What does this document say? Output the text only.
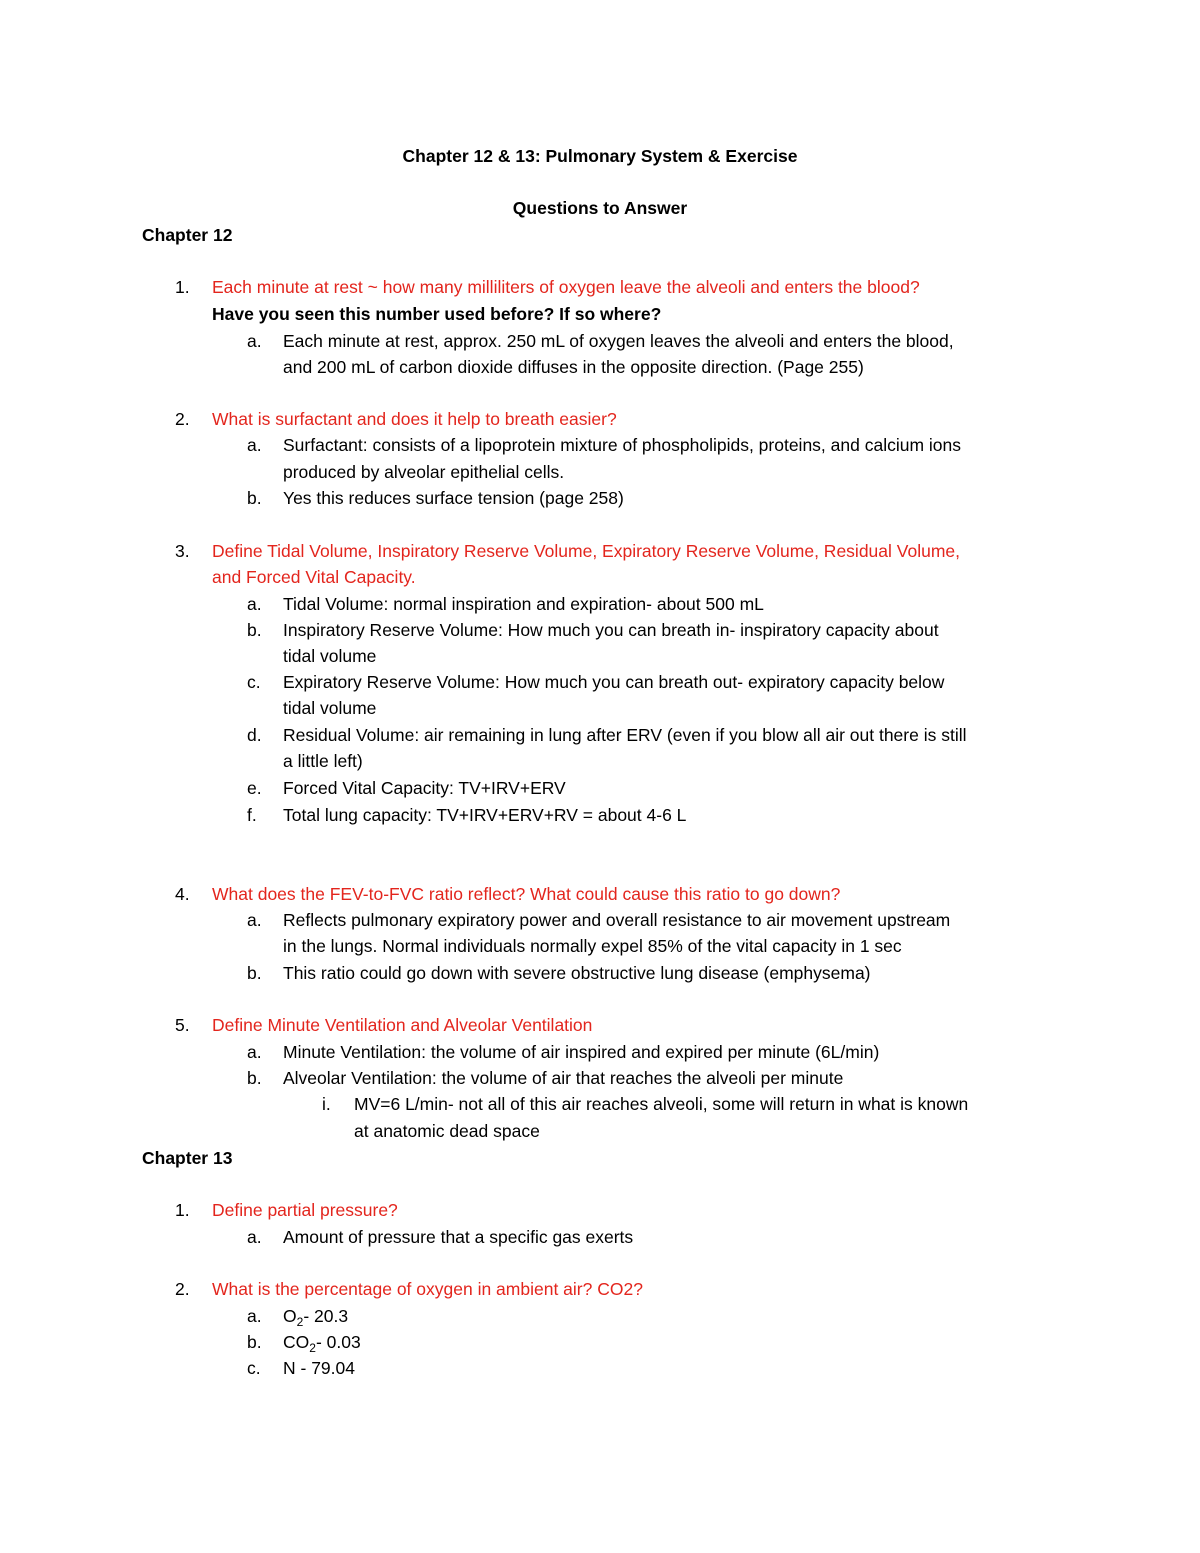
Chapter 12 & 13: Pulmonary System & Exercise
Questions to Answer
Chapter 12
1.	Each minute at rest ~ how many milliliters of oxygen leave the alveoli and enters the blood?
Have you seen this number used before? If so where?
a.	Each minute at rest, approx. 250 mL of oxygen leaves the alveoli and enters the blood,
and 200 mL of carbon dioxide diffuses in the opposite direction. (Page 255)
2.	What is surfactant and does it help to breath easier?
a.	Surfactant: consists of a lipoprotein mixture of phospholipids, proteins, and calcium ions
produced by alveolar epithelial cells.
b.	Yes this reduces surface tension (page 258)
3.	Define Tidal Volume, Inspiratory Reserve Volume, Expiratory Reserve Volume, Residual Volume,
and Forced Vital Capacity.
a.	Tidal Volume: normal inspiration and expiration- about 500 mL
b.	Inspiratory Reserve Volume: How much you can breath in- inspiratory capacity about
tidal volume
c.	Expiratory Reserve Volume: How much you can breath out- expiratory capacity below
tidal volume
d.	Residual Volume: air remaining in lung after ERV (even if you blow all air out there is still
a little left)
e.	Forced Vital Capacity: TV+IRV+ERV
f.	Total lung capacity: TV+IRV+ERV+RV = about 4-6 L
4.	What does the FEV-to-FVC ratio reflect? What could cause this ratio to go down?
a.	Reflects pulmonary expiratory power and overall resistance to air movement upstream
in the lungs. Normal individuals normally expel 85% of the vital capacity in 1 sec
b.	This ratio could go down with severe obstructive lung disease (emphysema)
5.	Define Minute Ventilation and Alveolar Ventilation
a.	Minute Ventilation: the volume of air inspired and expired per minute (6L/min)
b.	Alveolar Ventilation: the volume of air that reaches the alveoli per minute
i. MV=6 L/min- not all of this air reaches alveoli, some will return in what is known
at anatomic dead space
Chapter 13
1.	Define partial pressure?
a.	Amount of pressure that a specific gas exerts
2.	What is the percentage of oxygen in ambient air? CO2?
a.	$O_2-$ 20.3
b.	$CO_2-$ 0.03
c.	N - 79.04
